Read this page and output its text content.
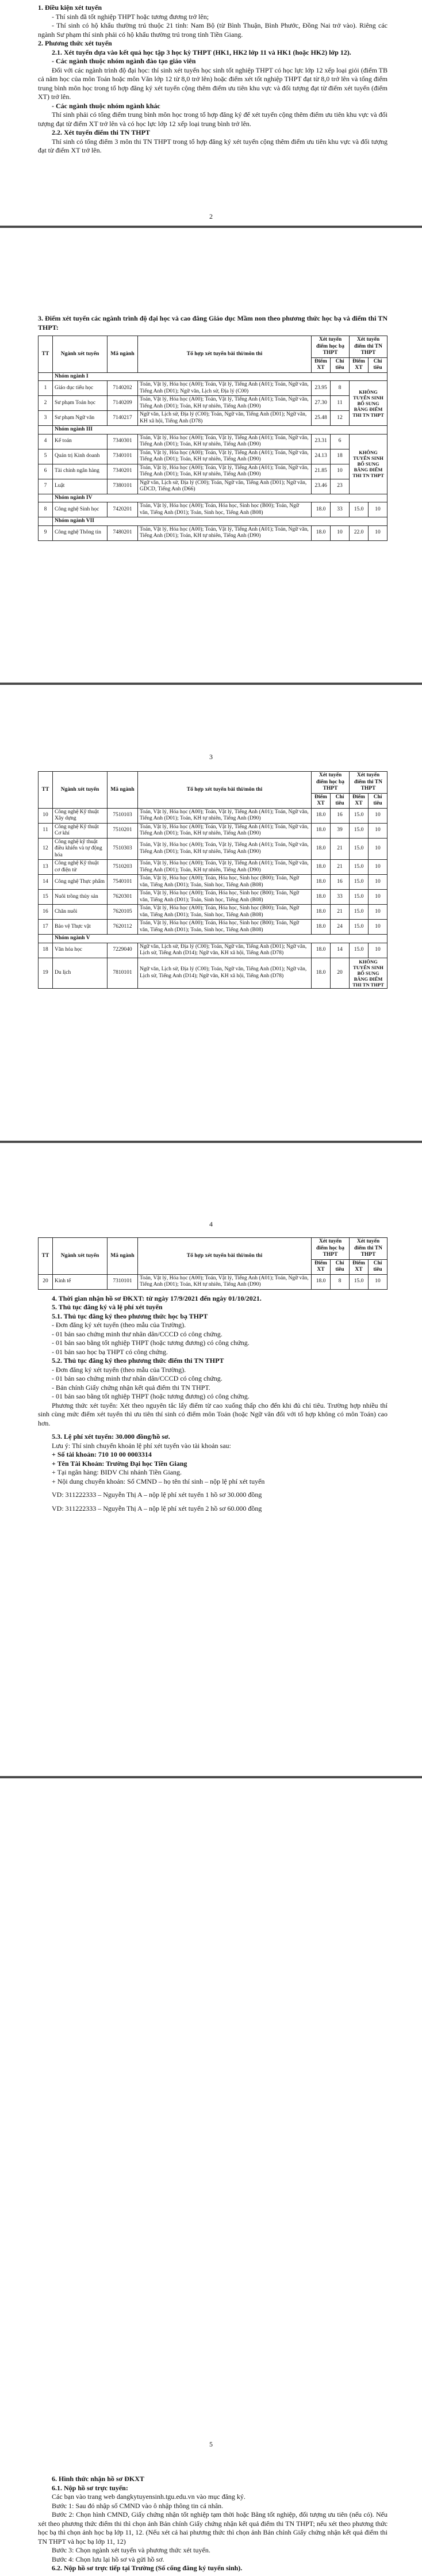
1. Điều kiện xét tuyển

- Thí sinh đã tốt nghiệp THPT hoặc tương đương trở lên;

- Thí sinh có hộ khẩu thường trú thuộc 21 tỉnh: Nam Bộ (từ Bình Thuận, Bình Phước, Đồng Nai trở vào). Riêng các ngành Sư phạm thí sinh phải có hộ khẩu thường trú trong tỉnh Tiền Giang.

2. Phương thức xét tuyển

2.1. Xét tuyển dựa vào kết quả học tập 3 học kỳ THPT (HK1, HK2 lớp 11 và HK1 (hoặc HK2) lớp 12).

- Các ngành thuộc nhóm ngành đào tạo giáo viên

Đối với các ngành trình độ đại học: thí sinh xét tuyển học sinh tốt nghiệp THPT có học lực lớp 12 xếp loại giỏi (điểm TB cả năm học của môn Toán hoặc môn Văn lớp 12 từ 8,0 trở lên) hoặc điểm xét tốt nghiệp THPT đạt từ 8,0 trở lên và tổng điểm trung bình môn học trong tổ hợp đăng ký xét tuyển cộng thêm điểm ưu tiên khu vực và đối tượng đạt từ điểm xét tuyển (điểm XT) trở lên.

- Các ngành thuộc nhóm ngành khác

Thí sinh phải có tổng điểm trung bình môn học trong tổ hợp đăng ký để xét tuyển cộng thêm điểm ưu tiên khu vực và đối tượng đạt từ điểm XT trở lên và có học lực lớp 12 xếp loại trung bình trở lên.

2.2. Xét tuyển điểm thi TN THPT

Thí sinh có tổng điểm 3 môn thi TN THPT trong tổ hợp đăng ký xét tuyển cộng thêm điểm ưu tiên khu vực và đối tượng đạt từ điểm XT trở lên.

2

3. Điểm xét tuyển các ngành trình độ đại học và cao đẳng Giáo dục Mầm non theo phương thức học bạ và điểm thi TN THPT:

TT	Ngành xét tuyển	Mã ngành	Tổ hợp xét tuyển bài thi/môn thi	Xét tuyển điểm học bạ THPT		Xét tuyển điểm thi TN THPT	
				Điểm XT	Chỉ tiêu	Điểm XT	Chỉ tiêu
	Nhóm ngành I						
1	Giáo dục tiểu học	7140202	Toán, Vật lý, Hóa học (A00); Toán, Vật lý, Tiếng Anh (A01); Toán, Ngữ văn, Tiếng Anh (D01); Ngữ văn, Lịch sử, Địa lý (C00)	23.95	8	KHÔNG TUYỂN SINH BỔ SUNG BẰNG ĐIỂM THI TN THPT	
2	Sư phạm Toán học	7140209	Toán, Vật lý, Hóa học (A00); Toán, Vật lý, Tiếng Anh (A01); Toán, Ngữ văn, Tiếng Anh (D01); Toán, KH tự nhiên, Tiếng Anh (D90)	27.30	11		
3	Sư phạm Ngữ văn	7140217	Ngữ văn, Lịch sử, Địa lý (C00); Toán, Ngữ văn, Tiếng Anh (D01); Ngữ văn, KH xã hội, Tiếng Anh (D78)	25.48	12		
	Nhóm ngành III						
4	Kế toán	7340301	Toán, Vật lý, Hóa học (A00); Toán, Vật lý, Tiếng Anh (A01); Toán, Ngữ văn, Tiếng Anh (D01); Toán, KH tự nhiên, Tiếng Anh (D90)	23.31	6	KHÔNG TUYỂN SINH BỔ SUNG BẰNG ĐIỂM THI TN THPT	
5	Quản trị Kinh doanh	7340101	Toán, Vật lý, Hóa học (A00); Toán, Vật lý, Tiếng Anh (A01); Toán, Ngữ văn, Tiếng Anh (D01); Toán, KH tự nhiên, Tiếng Anh (D90)	24.13	18		
6	Tài chính ngân hàng	7340201	Toán, Vật lý, Hóa học (A00); Toán, Vật lý, Tiếng Anh (A01); Toán, Ngữ văn, Tiếng Anh (D01); Toán, KH tự nhiên, Tiếng Anh (D90)	21.85	10		
7	Luật	7380101	Ngữ văn, Lịch sử, Địa lý (C00); Toán, Ngữ văn, Tiếng Anh (D01); Ngữ văn, GDCD, Tiếng Anh (D66)	23.46	23		
	Nhóm ngành IV						
8	Công nghệ Sinh học	7420201	Toán, Vật lý, Hóa học (A00); Toán, Hóa học, Sinh học (B00); Toán, Ngữ văn, Tiếng Anh (D01); Toán, Sinh học, Tiếng Anh (B08)	18.0	33	15.0	10
	Nhóm ngành VII						
9	Công nghệ Thông tin	7480201	Toán, Vật lý, Hóa học (A00); Toán, Vật lý, Tiếng Anh (A01); Toán, Ngữ văn, Tiếng Anh (D01); Toán, KH tự nhiên, Tiếng Anh (D90)	18.0	10	22.0	10
3
TT	Ngành xét tuyển	Mã ngành	Tổ hợp xét tuyển bài thi/môn thi	Xét tuyển điểm học bạ THPT		Xét tuyển điểm thi TN THPT	
				Điểm XT	Chỉ tiêu	Điểm XT	Chỉ tiêu
10	Công nghệ Kỹ thuật Xây dựng	7510103	Toán, Vật lý, Hóa học (A00); Toán, Vật lý, Tiếng Anh (A01); Toán, Ngữ văn, Tiếng Anh (D01); Toán, KH tự nhiên, Tiếng Anh (D90)	18.0	16	15.0	10
11	Công nghệ Kỹ thuật Cơ khí	7510201	Toán, Vật lý, Hóa học (A00); Toán, Vật lý, Tiếng Anh (A01); Toán, Ngữ văn, Tiếng Anh (D01); Toán, KH tự nhiên, Tiếng Anh (D90)	18.0	39	15.0	10
12	Công nghệ kỹ thuật điều khiển và tự động hóa	7510303	Toán, Vật lý, Hóa học (A00); Toán, Vật lý, Tiếng Anh (A01); Toán, Ngữ văn, Tiếng Anh (D01); Toán, KH tự nhiên, Tiếng Anh (D90)	18.0	21	15.0	10
13	Công nghệ Kỹ thuật cơ điện tử	7510203	Toán, Vật lý, Hóa học (A00); Toán, Vật lý, Tiếng Anh (A01); Toán, Ngữ văn, Tiếng Anh (D01); Toán, KH tự nhiên, Tiếng Anh (D90)	18.0	21	15.0	10
14	Công nghệ Thực phẩm	7540101	Toán, Vật lý, Hóa học (A00); Toán, Hóa học, Sinh học (B00); Toán, Ngữ văn, Tiếng Anh (D01); Toán, Sinh học, Tiếng Anh (B08)	18.0	16	15.0	10
15	Nuôi trồng thủy sản	7620301	Toán, Vật lý, Hóa học (A00); Toán, Hóa học, Sinh học (B00); Toán, Ngữ văn, Tiếng Anh (D01); Toán, Sinh học, Tiếng Anh (B08)	18.0	33	15.0	10
16	Chăn nuôi	7620105	Toán, Vật lý, Hóa học (A00); Toán, Hóa học, Sinh học (B00); Toán, Ngữ văn, Tiếng Anh (D01); Toán, Sinh học, Tiếng Anh (B08)	18.0	21	15.0	10
17	Bảo vệ Thực vật	7620112	Toán, Vật lý, Hóa học (A00); Toán, Hóa học, Sinh học (B00); Toán, Ngữ văn, Tiếng Anh (D01); Toán, Sinh học, Tiếng Anh (B08)	18.0	24	15.0	10
	Nhóm ngành V						
18	Văn hóa học	7229040	Ngữ văn, Lịch sử, Địa lý (C00); Toán, Ngữ văn, Tiếng Anh (D01); Ngữ văn, Lịch sử, Tiếng Anh (D14); Ngữ văn, KH xã hội, Tiếng Anh (D78)	18.0	14	15.0	10
19	Du lịch	7810101	Ngữ văn, Lịch sử, Địa lý (C00); Toán, Ngữ văn, Tiếng Anh (D01); Ngữ văn, Lịch sử, Tiếng Anh (D14); Ngữ văn, KH xã hội, Tiếng Anh (D78)	18.0	20	KHÔNG TUYỂN SINH BỔ SUNG BẰNG ĐIỂM THI TN THPT	
4
TT	Ngành xét tuyển	Mã ngành	Tổ hợp xét tuyển bài thi/môn thi	Xét tuyển điểm học bạ THPT		Xét tuyển điểm thi TN THPT	
				Điểm XT	Chỉ tiêu	Điểm XT	Chỉ tiêu
20	Kinh tế	7310101	Toán, Vật lý, Hóa học (A00); Toán, Vật lý, Tiếng Anh (A01); Toán, Ngữ văn, Tiếng Anh (D01); Toán, KH tự nhiên, Tiếng Anh (D90)	18.0	8	15.0	10

4. Thời gian nhận hồ sơ ĐKXT: từ ngày 17/9/2021 đến ngày 01/10/2021.

5. Thủ tục đăng ký và lệ phí xét tuyển

5.1. Thủ tục đăng ký theo phương thức học bạ THPT

- Đơn đăng ký xét tuyển (theo mẫu của Trường).

- 01 bản sao chứng minh thư nhân dân/CCCD có công chứng.

- 01 bản sao bằng tốt nghiệp THPT (hoặc tương đương) có công chứng.

- 01 bản sao học bạ THPT có công chứng.

5.2. Thủ tục đăng ký theo phương thức điểm thi TN THPT

- Đơn đăng ký xét tuyển (theo mẫu của Trường).

- 01 bản sao chứng minh thư nhân dân/CCCD có công chứng.

- Bản chính Giấy chứng nhận kết quả điểm thi TN THPT.

- 01 bản sao bằng tốt nghiệp THPT (hoặc tương đương) có công chứng.

Phương thức xét tuyển: Xét theo nguyên tắc lấy điểm từ cao xuống thấp cho đến khi đủ chỉ tiêu. Trường hợp nhiều thí sinh cùng mức điểm xét tuyển thì ưu tiên thí sinh có điểm môn Toán (hoặc Ngữ văn đối với tổ hợp không có môn Toán) cao hơn.

5.3. Lệ phí xét tuyển: 30.000 đồng/hồ sơ.

Lưu ý: Thí sinh chuyển khoản lệ phí xét tuyển vào tài khoản sau:

+ Số tài khoản: 710 10 00 0003314

+ Tên Tài Khoản: Trường Đại học Tiền Giang

+ Tại ngân hàng: BIDV Chi nhánh Tiền Giang.

+ Nội dung chuyển khoản: Số CMND – họ tên thí sinh – nộp lệ phí xét tuyển

VD: 311222333 – Nguyễn Thị A – nộp lệ phí xét tuyển 1 hồ sơ 30.000 đồng

VD: 311222333 – Nguyễn Thị A – nộp lệ phí xét tuyển 2 hồ sơ 60.000 đồng

5

6. Hình thức nhận hồ sơ ĐKXT

6.1. Nộp hồ sơ trực tuyến:

Các bạn vào trang web dangkytuyensinh.tgu.edu.vn vào mục đăng ký.

Bước 1: Sau đó nhập số CMND vào ô nhập thông tin cá nhân.

Bước 2: Chọn hình CMND, Giấy chứng nhận tốt nghiệp tạm thời hoặc Bằng tốt nghiệp, đối tượng ưu tiên (nếu có). Nếu xét theo phương thức điểm thi thì chọn ảnh Bản chính Giấy chứng nhận kết quả điểm thi TN THPT; nếu xét theo phương thức học bạ thì chọn ảnh học bạ lớp 11, 12. (Nếu xét cả hai phương thức thì chọn ảnh Bản chính Giấy chứng nhận kết quả điểm thi TN THPT và học bạ lớp 11, 12)

Bước 3: Chọn ngành xét tuyển và phương thức xét tuyển.

Bước 4: Chọn lưu lại hồ sơ và gửi hồ sơ.

6.2. Nộp hồ sơ trực tiếp tại Trường (Số cổng đăng ký tuyển sinh).
